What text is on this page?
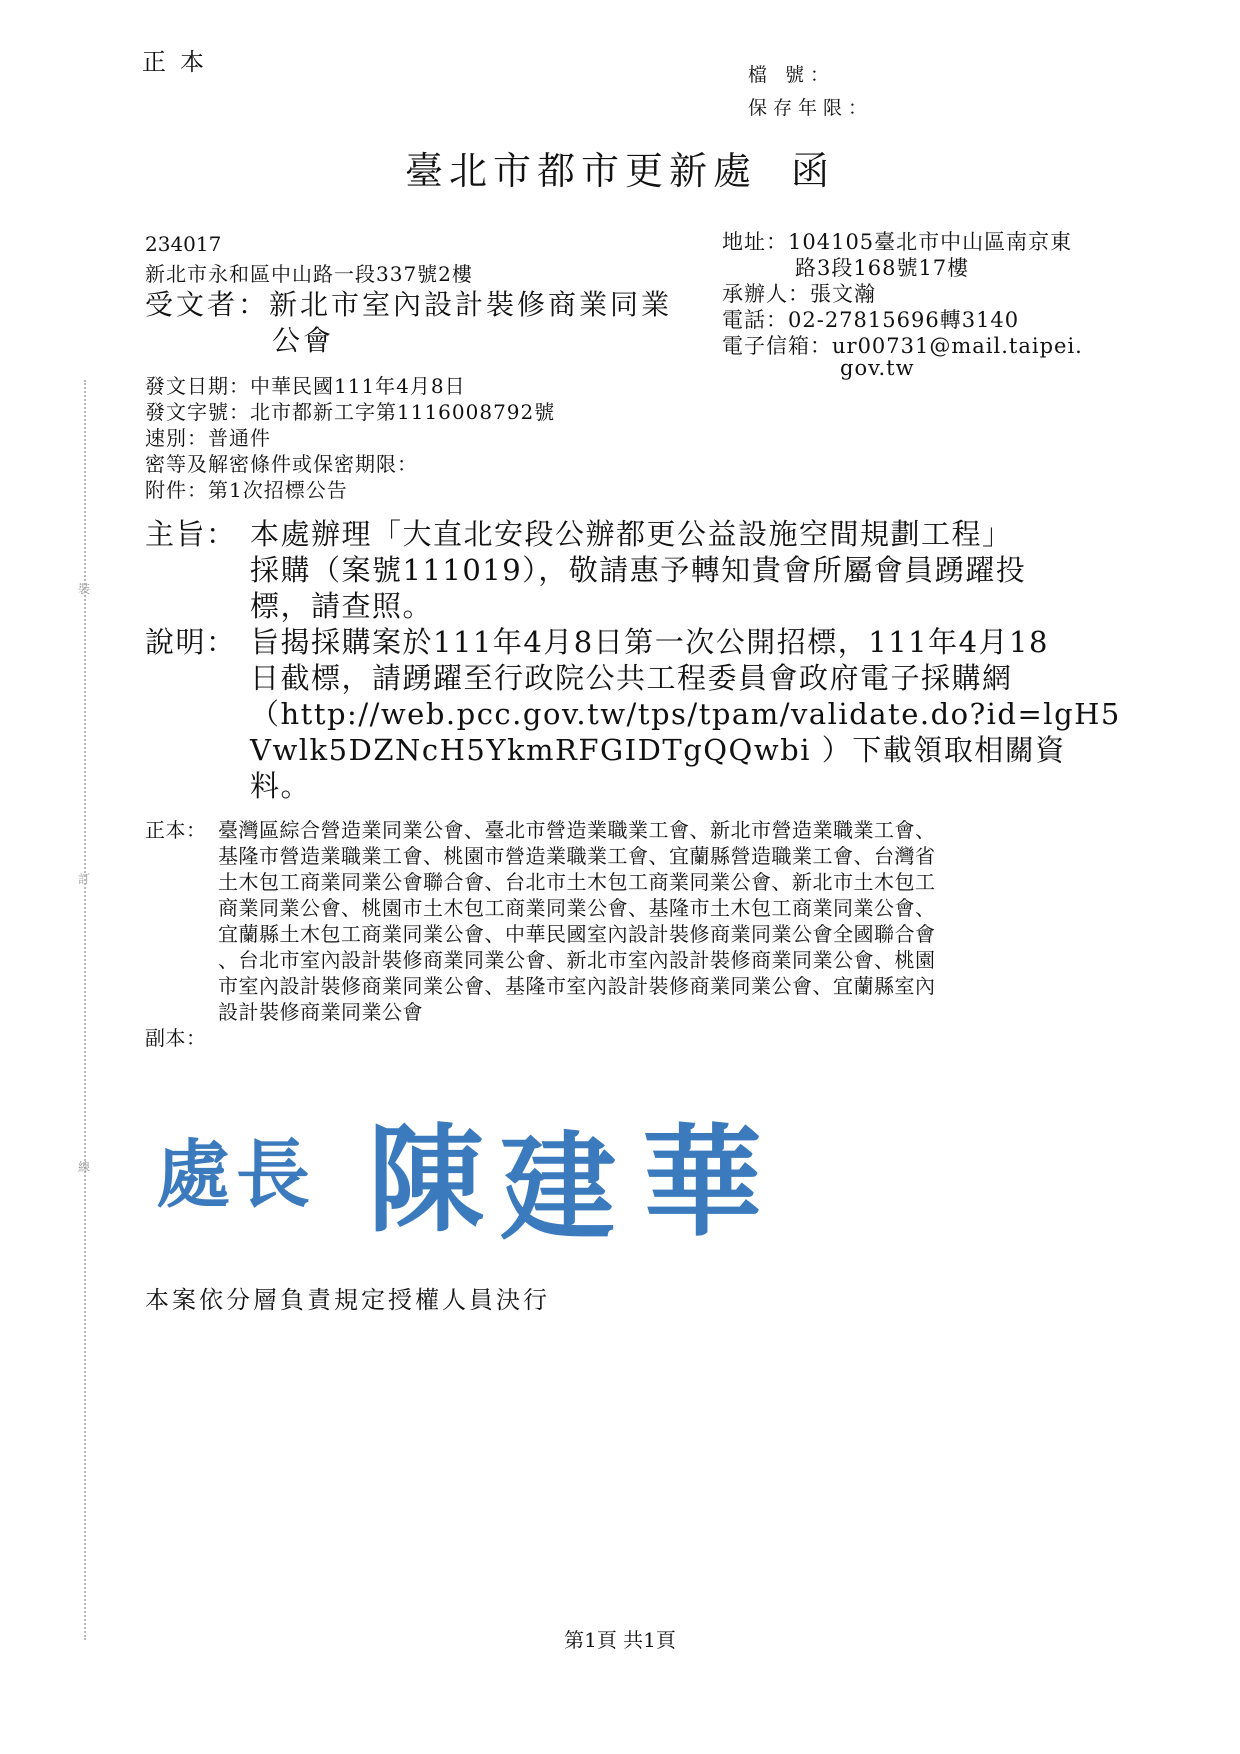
裝
訂
線
正本	檔 號：
保存年限：
臺北市都市更新處 函
234017
新北市永和區中山路一段337號2樓
受文者：新北市室內設計裝修商業同業
公會
地址：104105臺北市中山區南京東
路3段168號17樓
承辦人：張文瀚
電話：02-27815696轉3140
電子信箱：ur00731@mail.taipei.
gov.tw
發文日期：中華民國111年4月8日
發文字號：北市都新工字第1116008792號
速別：普通件
密等及解密條件或保密期限：
附件：第1次招標公告
主旨： 本處辦理「大直北安段公辦都更公益設施空間規劃工程」
採購（案號111019），敬請惠予轉知貴會所屬會員踴躍投
標，請查照。
說明： 旨揭採購案於111年4月8日第一次公開招標，111年4月18
日截標，請踴躍至行政院公共工程委員會政府電子採購網
（http://web.pcc.gov.tw/tps/tpam/validate.do?id=lgH5
Vwlk5DZNcH5YkmRFGIDTgQQwbi ）下載領取相關資
料。
正本： 臺灣區綜合營造業同業公會、臺北市營造業職業工會、新北市營造業職業工會、
基隆市營造業職業工會、桃園市營造業職業工會、宜蘭縣營造職業工會、台灣省
土木包工商業同業公會聯合會、台北市土木包工商業同業公會、新北市土木包工
商業同業公會、桃園市土木包工商業同業公會、基隆市土木包工商業同業公會、
宜蘭縣土木包工商業同業公會、中華民國室內設計裝修商業同業公會全國聯合會
、台北市室內設計裝修商業同業公會、新北市室內設計裝修商業同業公會、桃園
市室內設計裝修商業同業公會、基隆市室內設計裝修商業同業公會、宜蘭縣室內
設計裝修商業同業公會
副本：
處 長 陳 建 華
本案依分層負責規定授權人員決行
第1頁 共1頁
